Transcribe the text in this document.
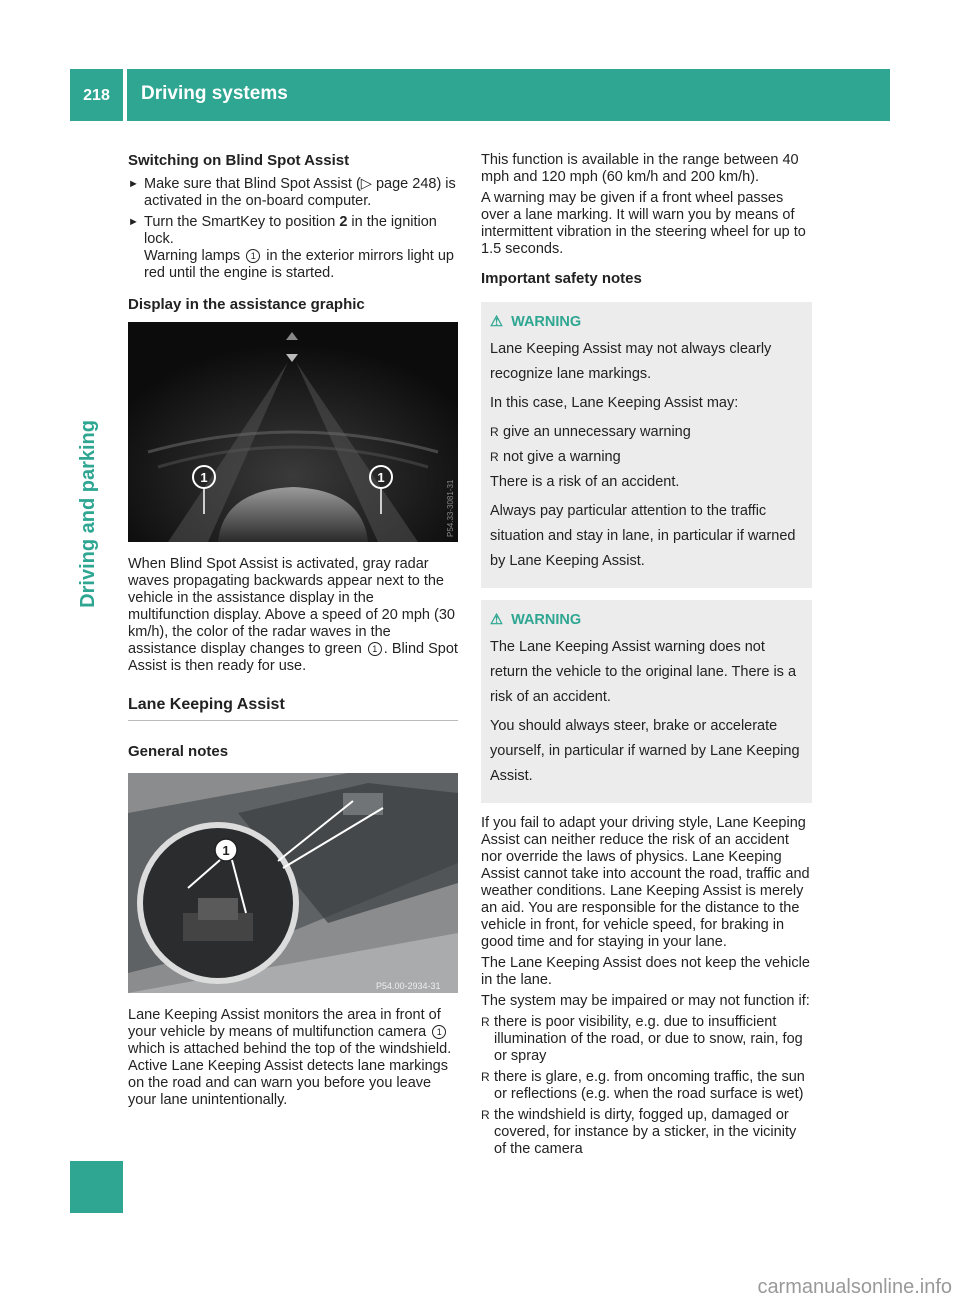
218 Driving systems
Driving and parking
Switching on Blind Spot Assist
► Make sure that Blind Spot Assist (▷ page 248) is activated in the on-board computer.
► Turn the SmartKey to position 2 in the ignition lock.
Warning lamps 1 in the exterior mirrors light up red until the engine is started.
Display in the assistance graphic
1	1
P54.33-3081-31

When Blind Spot Assist is activated, gray radar waves propagating backwards appear next to the vehicle in the assistance display in the multifunction display. Above a speed of 20 mph (30 km/h), the color of the radar waves in the assistance display changes to green 1 . Blind Spot Assist is then ready for use.

Lane Keeping Assist
General notes
1
P54.00-2934-31

Lane Keeping Assist monitors the area in front of your vehicle by means of multifunction camera 1 which is attached behind the top of the windshield. Active Lane Keeping Assist detects lane markings on the road and can warn you before you leave your lane unintentionally.

This function is available in the range between 40 mph and 120 mph (60 km/h and 200 km/h).

A warning may be given if a front wheel passes over a lane marking. It will warn you by means of intermittent vibration in the steering wheel for up to 1.5 seconds.

Important safety notes

⚠ WARNING

Lane Keeping Assist may not always clearly recognize lane markings.

In this case, Lane Keeping Assist may:

R give an unnecessary warning
R not give a warning

There is a risk of an accident.

Always pay particular attention to the traffic situation and stay in lane, in particular if warned by Lane Keeping Assist.

⚠ WARNING

The Lane Keeping Assist warning does not return the vehicle to the original lane. There is a risk of an accident.

You should always steer, brake or accelerate yourself, in particular if warned by Lane Keeping Assist.

If you fail to adapt your driving style, Lane Keeping Assist can neither reduce the risk of an accident nor override the laws of physics. Lane Keeping Assist cannot take into account the road, traffic and weather conditions. Lane Keeping Assist is merely an aid. You are responsible for the distance to the vehicle in front, for vehicle speed, for braking in good time and for staying in your lane.

The Lane Keeping Assist does not keep the vehicle in the lane.

The system may be impaired or may not function if:

R there is poor visibility, e.g. due to insufficient illumination of the road, or due to snow, rain, fog or spray
R there is glare, e.g. from oncoming traffic, the sun or reflections (e.g. when the road surface is wet)
R the windshield is dirty, fogged up, damaged or covered, for instance by a sticker, in the vicinity of the camera
carmanualsonline.info
